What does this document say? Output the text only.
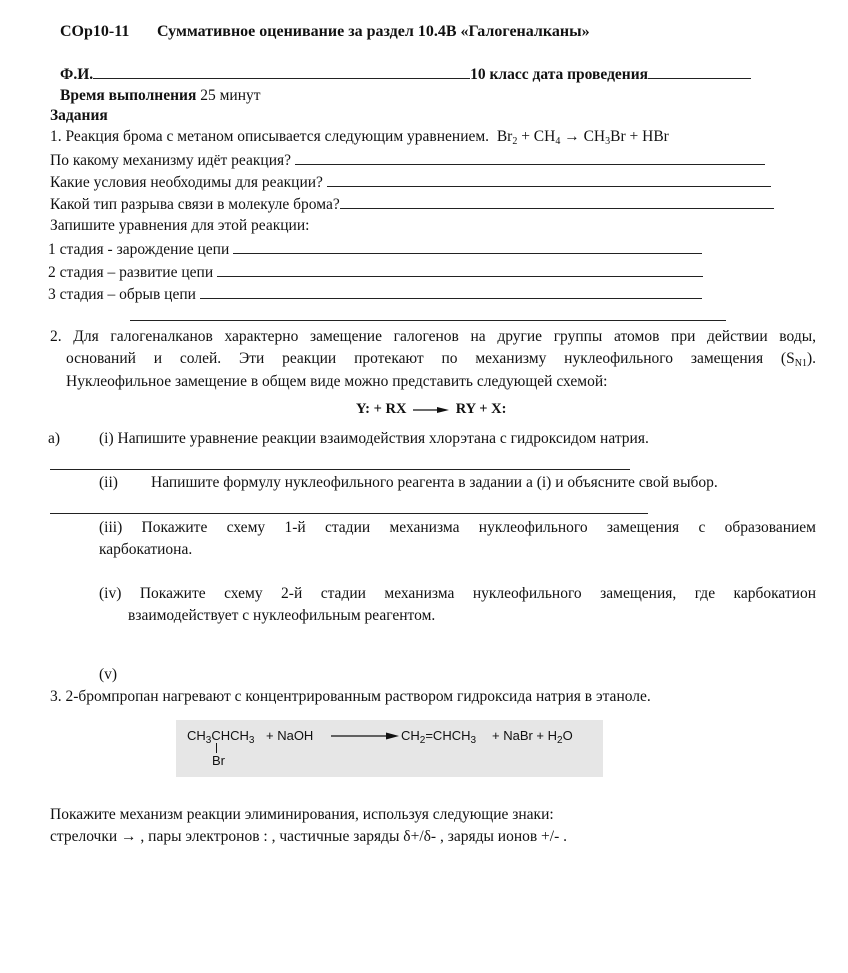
СОр10-11 Суммативное оценивание за раздел 10.4В «Галогеналканы»
Ф.И.	10 класс дата проведения
Время выполнения 25 минут
Задания
1. Реакция брома с метаном описывается следующим уравнением. $Br_2 + CH_4 \to CH_3Br$ + HBr
По какому механизму идёт реакция?
Какие условия необходимы для реакции?
Какой тип разрыва связи в молекуле брома?
Запишите уравнения для этой реакции:
1 стадия - зарождение цепи
2 стадия – развитие цепи
3 стадия – обрыв цепи
2. Для галогеналканов характерно замещение галогенов на другие группы атомов при действии воды,
оснований и солей. Эти реакции протекают по механизму нуклеофильного замещения $(S_{N1})$.
Нуклеофильное замещение в общем виде можно представить следующей схемой:
Y: + RX	RY + X:
а)	(i) Напишите уравнение реакции взаимодействия хлорэтана с гидроксидом натрия.
(ii) Напишите формулу нуклеофильного реагента в задании а (i) и объясните свой выбор.
(iii) Покажите схему 1-й стадии механизма нуклеофильного замещения с образованием
карбокатиона.
(iv) Покажите схему 2-й стадии механизма нуклеофильного замещения, где карбокатион
взаимодействует с нуклеофильным реагентом.
(v)
3. 2-бромпропан нагревают с концентрированным раствором гидроксида натрия в этаноле.
$CH_3CHCH_3$
Br
+ NaOH	$CH_2=CHCH_3$ + NaBr + $H_2O$
Покажите механизм реакции элиминирования, используя следующие знаки:
стрелочки → , пары электронов : , частичные заряды δ+/δ- , заряды ионов +/- .
